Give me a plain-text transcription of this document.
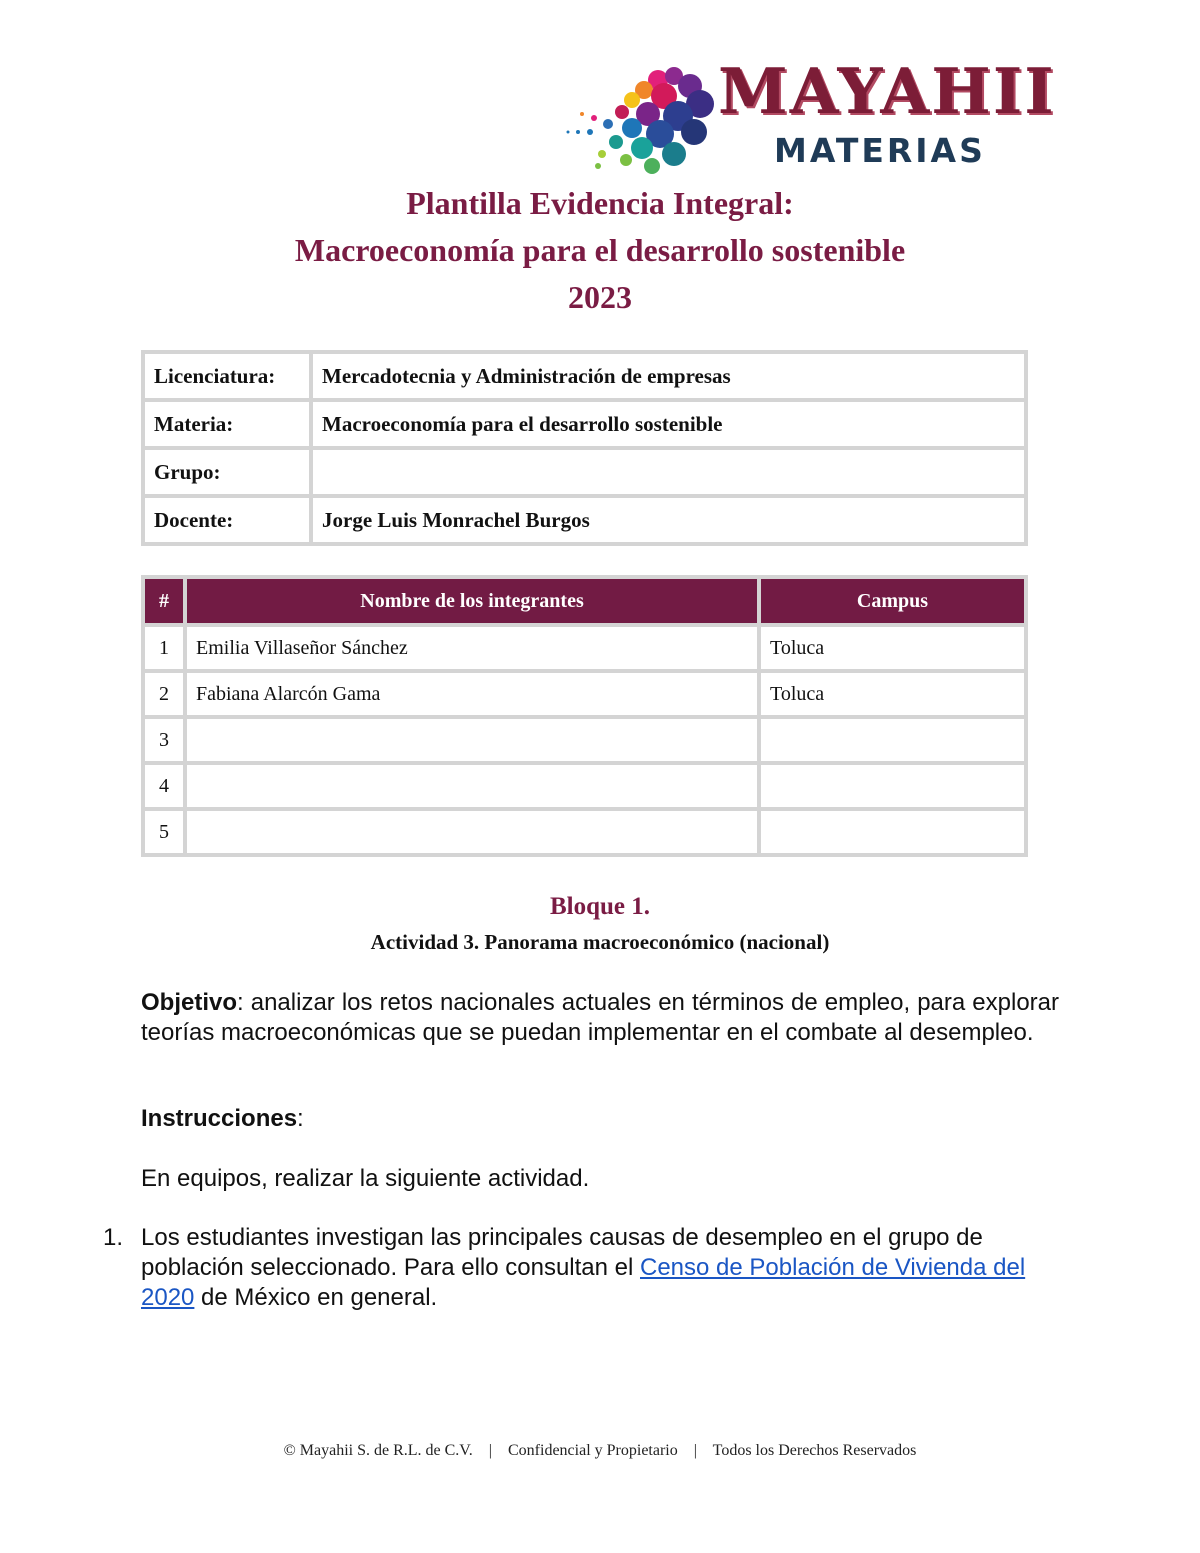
MAYAHII
MATERIAS
Plantilla Evidencia Integral:
Macroeconomía para el desarrollo sostenible
2023
Licenciatura:	Mercadotecnia y Administración de empresas
Materia:	Macroeconomía para el desarrollo sostenible
Grupo:	
Docente:	Jorge Luis Monrachel Burgos
#	Nombre de los integrantes	Campus
1	Emilia Villaseñor Sánchez	Toluca
2	Fabiana Alarcón Gama	Toluca
3		
4		
5		
Bloque 1.
Actividad 3. Panorama macroeconómico (nacional)
Objetivo: analizar los retos nacionales actuales en términos de empleo, para explorar teorías macroeconómicas que se puedan implementar en el combate al desempleo.
Instrucciones:
En equipos, realizar la siguiente actividad.
1. Los estudiantes investigan las principales causas de desempleo en el grupo de población seleccionado. Para ello consultan el Censo de Población de Vivienda del 2020 de México en general.
© Mayahii S. de R.L. de C.V. | Confidencial y Propietario | Todos los Derechos Reservados
